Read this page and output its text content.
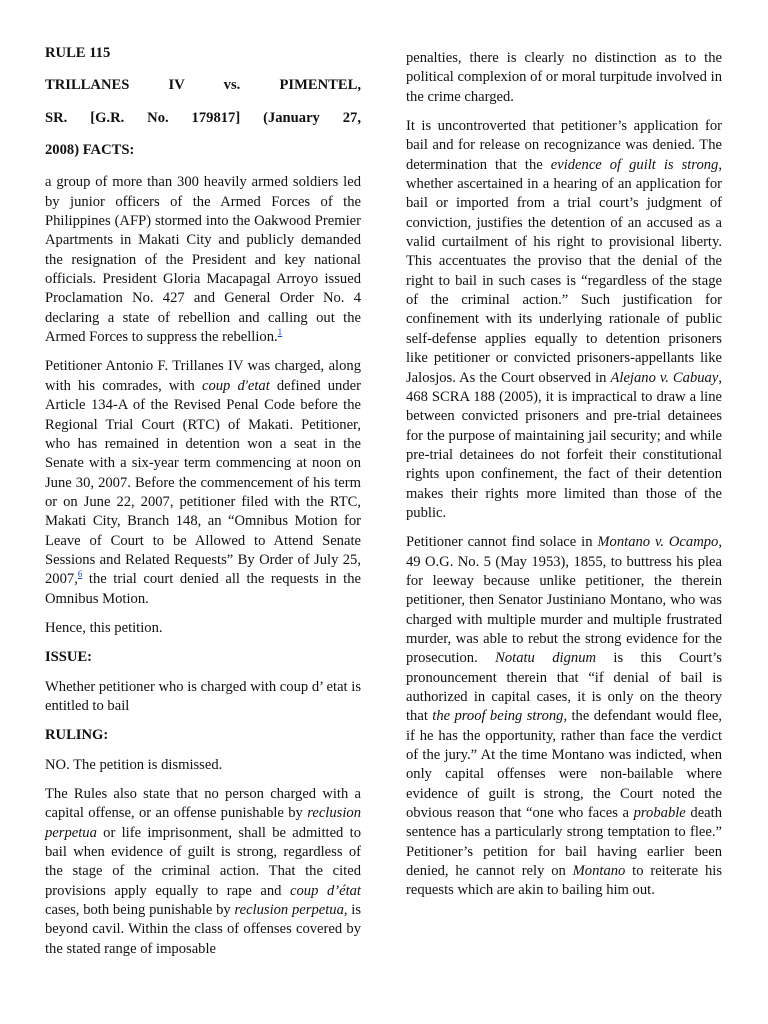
RULE 115
TRILLANES IV vs. PIMENTEL,
SR. [G.R. No. 179817] (January 27,
2008) FACTS:

a group of more than 300 heavily armed soldiers led by junior officers of the Armed Forces of the Philippines (AFP) stormed into the Oakwood Premier Apartments in Makati City and publicly demanded the resignation of the President and key national officials. President Gloria Macapagal Arroyo issued Proclamation No. 427 and General Order No. 4 declaring a state of rebellion and calling out the Armed Forces to suppress the rebellion.$^1$

Petitioner Antonio F. Trillanes IV was charged, along with his comrades, with coup d'etat defined under Article 134-A of the Revised Penal Code before the Regional Trial Court (RTC) of Makati. Petitioner, who has remained in detention won a seat in the Senate with a six-year term commencing at noon on June 30, 2007. Before the commencement of his term or on June 22, 2007, petitioner filed with the RTC, Makati City, Branch 148, an “Omnibus Motion for Leave of Court to be Allowed to Attend Senate Sessions and Related Requests” By Order of July 25, 2007,$^6$ the trial court denied all the requests in the Omnibus Motion.

Hence, this petition.

ISSUE:

Whether petitioner who is charged with coup d’ etat is entitled to bail

RULING:

NO. The petition is dismissed.

The Rules also state that no person charged with a capital offense, or an offense punishable by reclusion perpetua or life imprisonment, shall be admitted to bail when evidence of guilt is strong, regardless of the stage of the criminal action. That the cited provisions apply equally to rape and coup d’état cases, both being punishable by reclusion perpetua, is beyond cavil. Within the class of offenses covered by the stated range of imposable

penalties, there is clearly no distinction as to the political complexion of or moral turpitude involved in the crime charged.

It is uncontroverted that petitioner’s application for bail and for release on recognizance was denied. The determination that the evidence of guilt is strong, whether ascertained in a hearing of an application for bail or imported from a trial court’s judgment of conviction, justifies the detention of an accused as a valid curtailment of his right to provisional liberty. This accentuates the proviso that the denial of the right to bail in such cases is “regardless of the stage of the criminal action.” Such justification for confinement with its underlying rationale of public self-defense applies equally to detention prisoners like petitioner or convicted prisoners-appellants like Jalosjos. As the Court observed in Alejano v. Cabuay, 468 SCRA 188 (2005), it is impractical to draw a line between convicted prisoners and pre-trial detainees for the purpose of maintaining jail security; and while pre-trial detainees do not forfeit their constitutional rights upon confinement, the fact of their detention makes their rights more limited than those of the public.

Petitioner cannot find solace in Montano v. Ocampo, 49 O.G. No. 5 (May 1953), 1855, to buttress his plea for leeway because unlike petitioner, the therein petitioner, then Senator Justiniano Montano, who was charged with multiple murder and multiple frustrated murder, was able to rebut the strong evidence for the prosecution. Notatu dignum is this Court’s pronouncement therein that “if denial of bail is authorized in capital cases, it is only on the theory that the proof being strong, the defendant would flee, if he has the opportunity, rather than face the verdict of the jury.” At the time Montano was indicted, when only capital offenses were non-bailable where evidence of guilt is strong, the Court noted the obvious reason that “one who faces a probable death sentence has a particularly strong temptation to flee.” Petitioner’s petition for bail having earlier been denied, he cannot rely on Montano to reiterate his requests which are akin to bailing him out.
